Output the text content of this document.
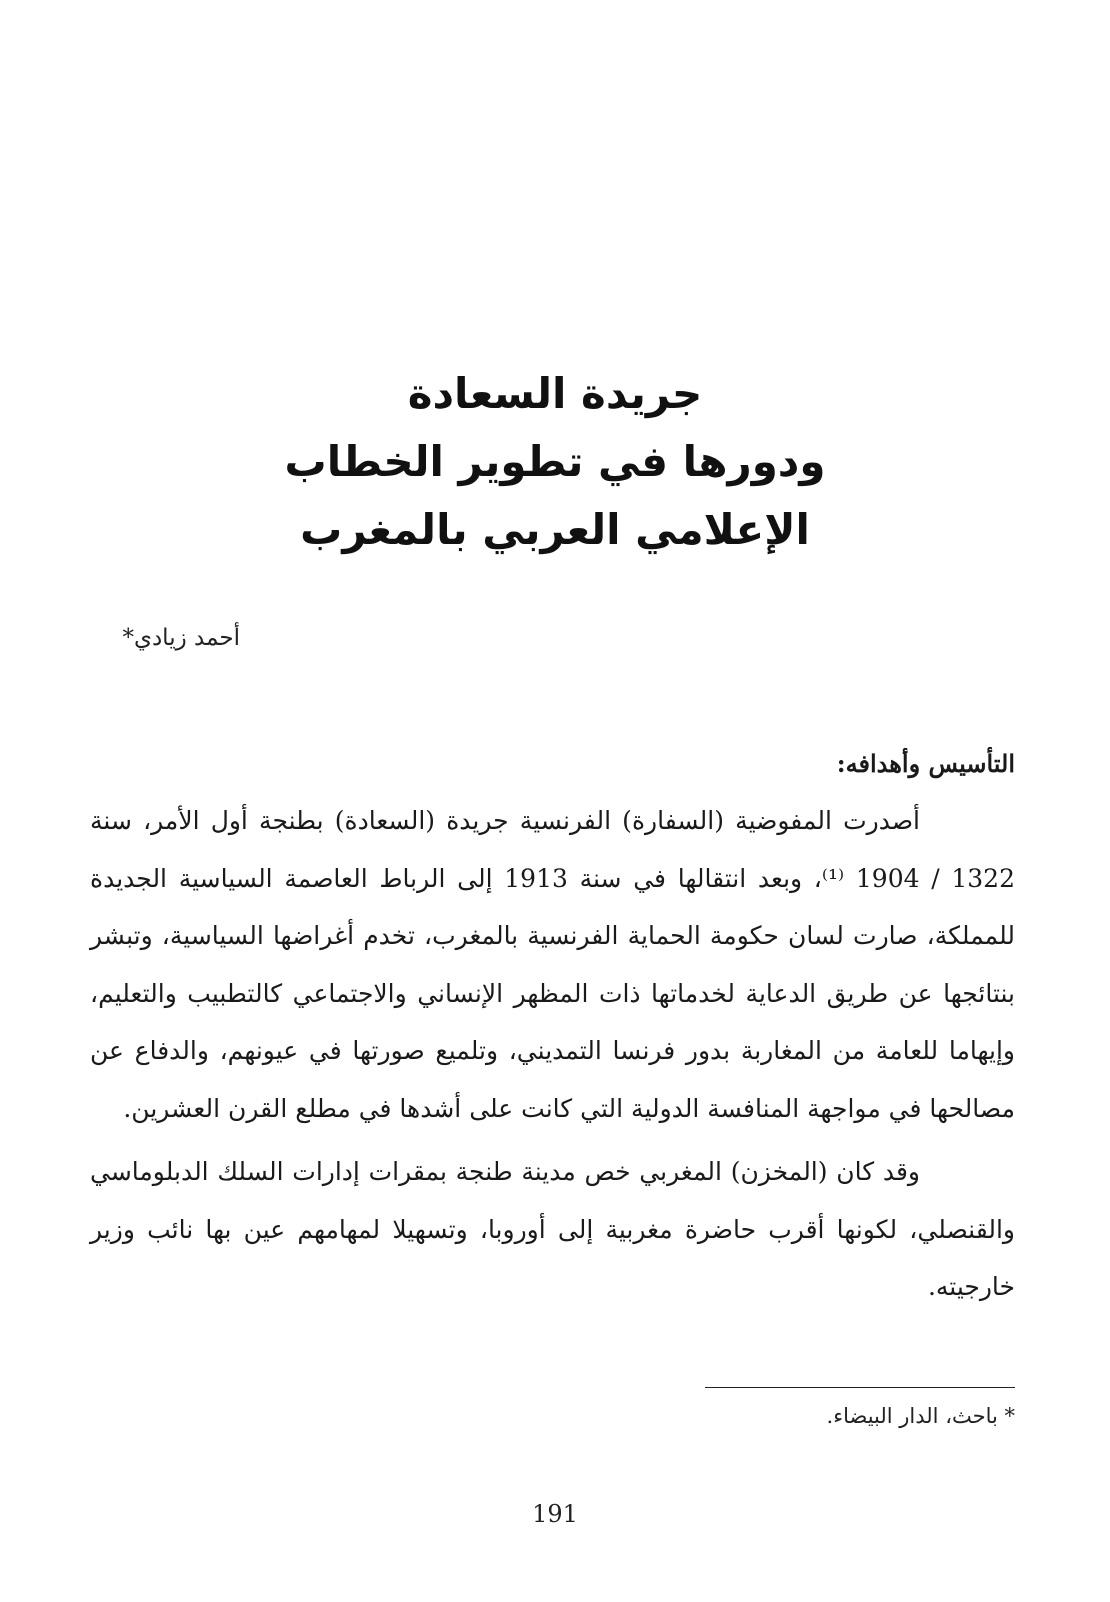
جريدة السعادة

ودورها في تطوير الخطاب

الإعلامي العربي بالمغرب

أحمد زيادي*

التأسيس وأهدافه:

أصدرت المفوضية (السفارة) الفرنسية جريدة (السعادة) بطنجة أول الأمر، سنة 1322 / 1904 ⁽¹⁾، وبعد انتقالها في سنة 1913 إلى الرباط العاصمة السياسية الجديدة للمملكة، صارت لسان حكومة الحماية الفرنسية بالمغرب، تخدم أغراضها السياسية، وتبشر بنتائجها عن طريق الدعاية لخدماتها ذات المظهر الإنساني والاجتماعي كالتطبيب والتعليم، وإيهاما للعامة من المغاربة بدور فرنسا التمديني، وتلميع صورتها في عيونهم، والدفاع عن مصالحها في مواجهة المنافسة الدولية التي كانت على أشدها في مطلع القرن العشرين.

وقد كان (المخزن) المغربي خص مدينة طنجة بمقرات إدارات السلك الدبلوماسي والقنصلي، لكونها أقرب حاضرة مغربية إلى أوروبا، وتسهيلا لمهامهم عين بها نائب وزير خارجيته.

* باحث، الدار البيضاء.
191
